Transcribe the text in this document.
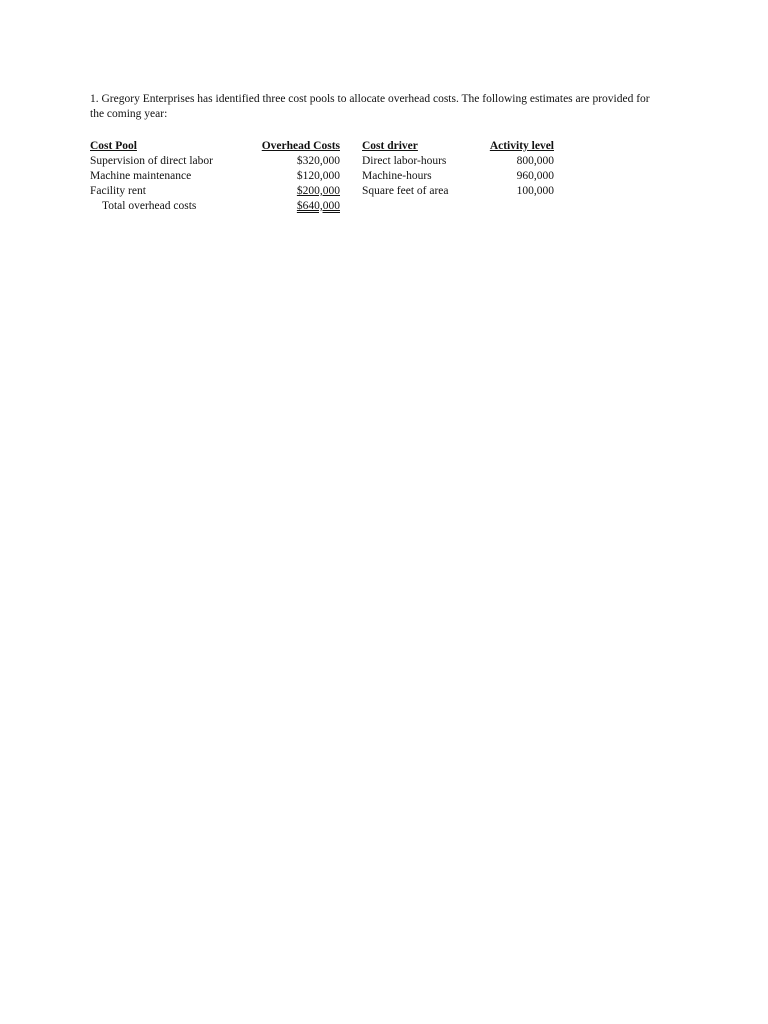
1. Gregory Enterprises has identified three cost pools to allocate overhead costs. The following estimates are provided for the coming year:

Cost Pool	Overhead Costs	Cost driver	Activity level
Supervision of direct labor	$320,000	Direct labor-hours	800,000
Machine maintenance	$120,000	Machine-hours	960,000
Facility rent	$200,000	Square feet of area	100,000
Total overhead costs	$640,000		
